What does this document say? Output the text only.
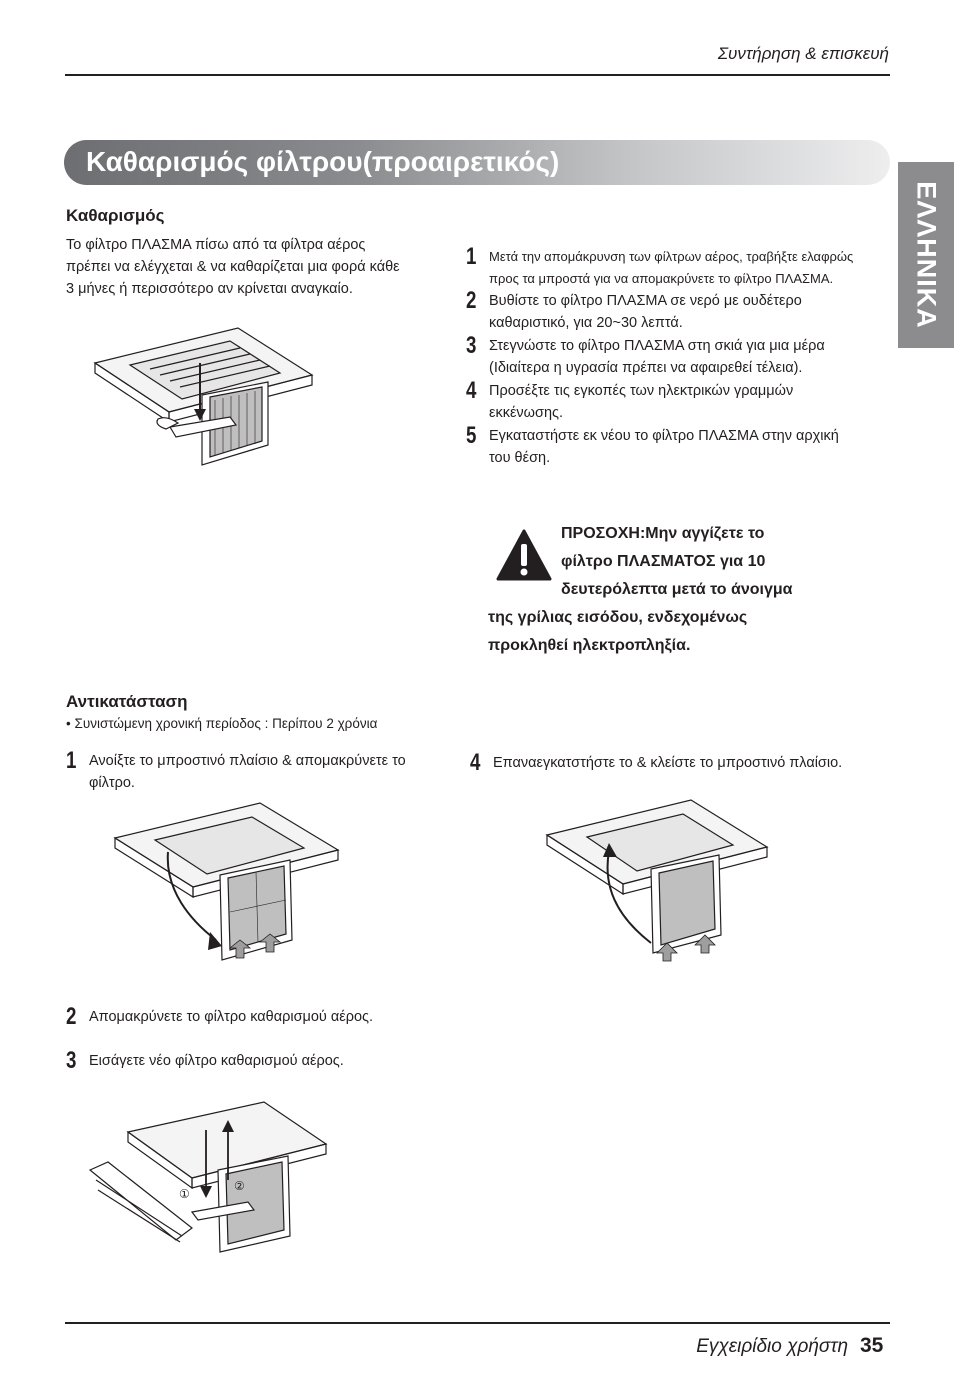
Συντήρηση & επισκευή
Καθαρισμός φίλτρου(προαιρετικός)
ΕΛΛΗΝΙΚΑ
Καθαρισμός
Το φίλτρο ΠΛΑΣΜΑ πίσω από τα φίλτρα αέρος
πρέπει να ελέγχεται & να καθαρίζεται μια φορά κάθε
3 μήνες ή περισσότερο αν κρίνεται αναγκαίο.
1 Μετά την απομάκρυνση των φίλτρων αέρος, τραβήξτε ελαφρώς
προς τα μπροστά για να απομακρύνετε το φίλτρο ΠΛΑΣΜΑ.
2 Βυθίστε το φίλτρο ΠΛΑΣΜΑ σε νερό με ουδέτερο
καθαριστικό, για 20~30 λεπτά.
3 Στεγνώστε το φίλτρο ΠΛΑΣΜΑ στη σκιά για μια μέρα
(Ιδιαίτερα η υγρασία πρέπει να αφαιρεθεί τέλεια).
4 Προσέξτε τις εγκοπές των ηλεκτρικών γραμμών
εκκένωσης.
5 Εγκαταστήστε εκ νέου το φίλτρο ΠΛΑΣΜΑ στην αρχική
του θέση.
ΠΡΟΣΟΧΗ:Μην αγγίζετε το
φίλτρο ΠΛΑΣΜΑΤΟΣ για 10
δευτερόλεπτα μετά το άνοιγμα
της γρίλιας εισόδου, ενδεχομένως
προκληθεί ηλεκτροπληξία.
Αντικατάσταση
• Συνιστώμενη χρονική περίοδος : Περίπου 2 χρόνια
1 Ανοίξτε το μπροστινό πλαίσιο & απομακρύνετε το
φίλτρο.
4 Επαναεγκατστήστε το & κλείστε το μπροστινό πλαίσιο.
2 Απομακρύνετε το φίλτρο καθαρισμού αέρος.
3 Εισάγετε νέο φίλτρο καθαρισμού αέρος.
①
②
Εγχειρίδιο χρήστη 35
